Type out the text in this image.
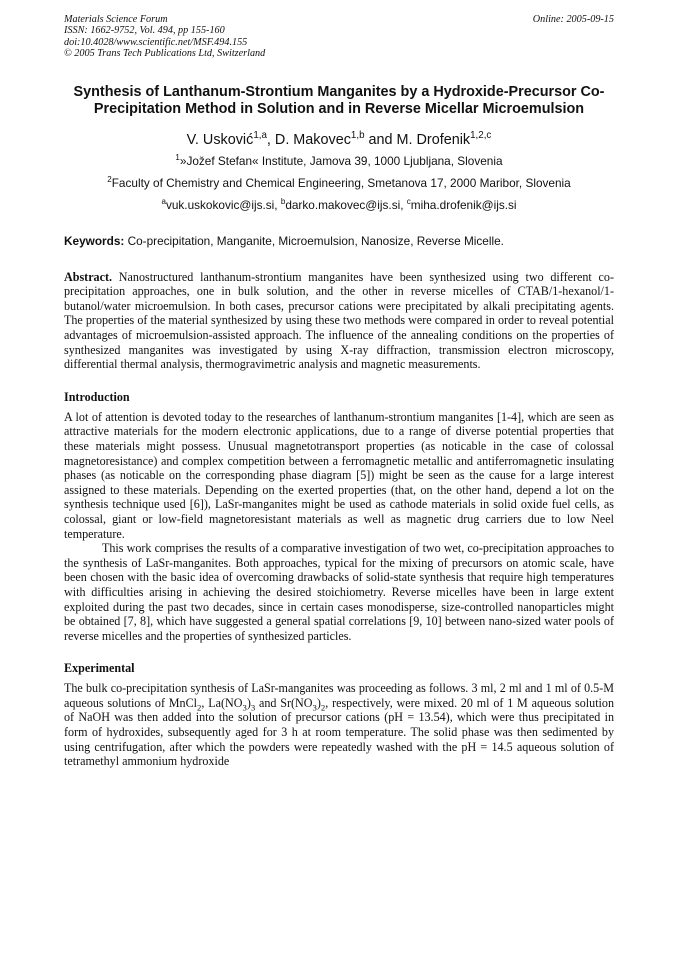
Materials Science Forum
ISSN: 1662-9752, Vol. 494, pp 155-160
doi:10.4028/www.scientific.net/MSF.494.155
© 2005 Trans Tech Publications Ltd, Switzerland
Online: 2005-09-15
Synthesis of Lanthanum-Strontium Manganites by a Hydroxide-Precursor Co-Precipitation Method in Solution and in Reverse Micellar Microemulsion
V. Usković$^{1,a}$, D. Makovec$^{1,b}$ and M. Drofenik$^{1,2,c}$
$^1$»Jožef Stefan« Institute, Jamova 39, 1000 Ljubljana, Slovenia
$^2$Faculty of Chemistry and Chemical Engineering, Smetanova 17, 2000 Maribor, Slovenia
$^a$vuk.uskokovic@ijs.si, $^b$darko.makovec@ijs.si, $^c$miha.drofenik@ijs.si
Keywords: Co-precipitation, Manganite, Microemulsion, Nanosize, Reverse Micelle.
Abstract. Nanostructured lanthanum-strontium manganites have been synthesized using two different co-precipitation approaches, one in bulk solution, and the other in reverse micelles of CTAB/1-hexanol/1-butanol/water microemulsion. In both cases, precursor cations were precipitated by alkali precipitating agents. The properties of the material synthesized by using these two methods were compared in order to reveal potential advantages of microemulsion-assisted approach. The influence of the annealing conditions on the properties of synthesized manganites was investigated by using X-ray diffraction, transmission electron microscopy, differential thermal analysis, thermogravimetric analysis and magnetic measurements.
Introduction
A lot of attention is devoted today to the researches of lanthanum-strontium manganites [1-4], which are seen as attractive materials for the modern electronic applications, due to a range of diverse potential properties that these materials might possess. Unusual magnetotransport properties (as noticable in the case of colossal magnetoresistance) and complex competition between a ferromagnetic metallic and antiferromagnetic insulating phases (as noticable on the corresponding phase diagram [5]) might be seen as the cause for a large interest assigned to these materials. Depending on the exerted properties (that, on the other hand, depend a lot on the synthesis technique used [6]), LaSr-manganites might be used as cathode materials in solid oxide fuel cells, as colossal, giant or low-field magnetoresistant materials as well as magnetic drug carriers due to low Neel temperature.
This work comprises the results of a comparative investigation of two wet, co-precipitation approaches to the synthesis of LaSr-manganites. Both approaches, typical for the mixing of precursors on atomic scale, have been chosen with the basic idea of overcoming drawbacks of solid-state synthesis that require high temperatures with difficulties arising in achieving the desired stoichiometry. Reverse micelles have been in large extent exploited during the past two decades, since in certain cases monodisperse, size-controlled nanoparticles might be obtained [7, 8], which have suggested a general spatial correlations [9, 10] between nano-sized water pools of reverse micelles and the properties of synthesized particles.
Experimental
The bulk co-precipitation synthesis of LaSr-manganites was proceeding as follows. 3 ml, 2 ml and 1 ml of 0.5-M aqueous solutions of MnCl$_2$, $La(NO_3)_3$ and $Sr(NO_3)_2$, respectively, were mixed. 20 ml of 1 M aqueous solution of NaOH was then added into the solution of precursor cations (pH = 13.54), which were thus precipitated in form of hydroxides, subsequently aged for 3 h at room temperature. The solid phase was then sedimented by using centrifugation, after which the powders were repeatedly washed with the pH = 14.5 aqueous solution of tetramethyl ammonium hydroxide
